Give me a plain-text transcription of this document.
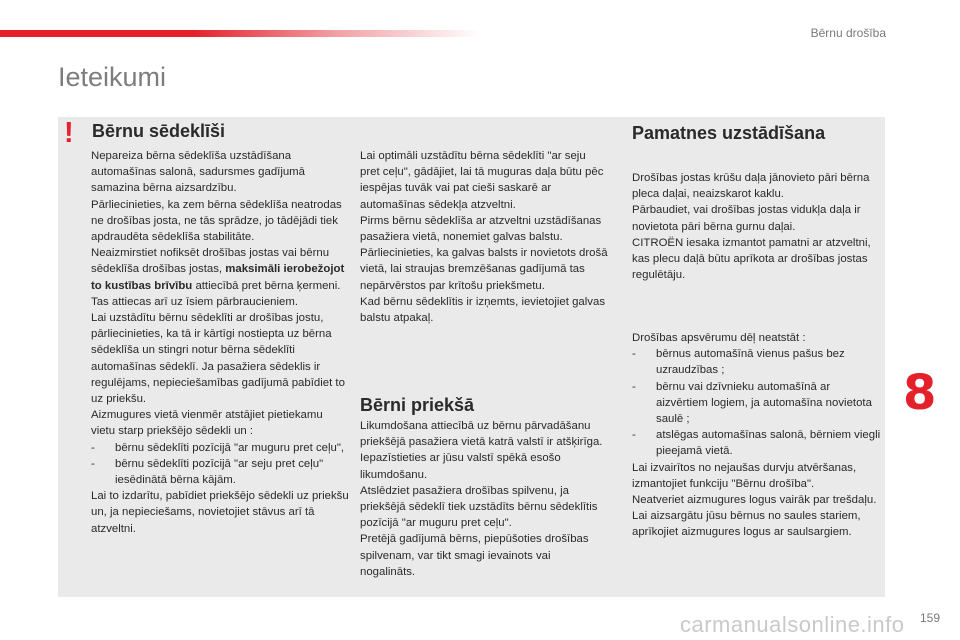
Bērnu drošība
Ieteikumi
! Bērnu sēdeklīši

Nepareiza bērna sēdeklīša uzstādīšana automašīnas salonā, sadursmes gadījumā samazina bērna aizsardzību.

Pārliecinieties, ka zem bērna sēdeklīša neatrodas ne drošības josta, ne tās sprādze, jo tādējādi tiek apdraudēta sēdeklīša stabilitāte.

Neaizmirstiet nofiksēt drošības jostas vai bērnu sēdeklīša drošības jostas, maksimāli ierobežojot to kustības brīvību attiecībā pret bērna ķermeni. Tas attiecas arī uz īsiem pārbraucieniem.

Lai uzstādītu bērnu sēdeklīti ar drošības jostu, pārliecinieties, ka tā ir kārtīgi nostiepta uz bērna sēdeklīša un stingri notur bērna sēdeklīti automašīnas sēdeklī. Ja pasažiera sēdeklis ir regulējams, nepieciešamības gadījumā pabīdiet to uz priekšu.

Aizmugures vietā vienmēr atstājiet pietiekamu vietu starp priekšējo sēdekli un :

- bērnu sēdeklīti pozīcijā "ar muguru pret ceļu",
- bērnu sēdeklīti pozīcijā "ar seju pret ceļu" iesēdinātā bērna kājām.

Lai to izdarītu, pabīdiet priekšējo sēdekli uz priekšu un, ja nepieciešams, novietojiet stāvus arī tā atzveltni.

Lai optimāli uzstādītu bērna sēdeklīti "ar seju pret ceļu", gādājiet, lai tā muguras daļa būtu pēc iespējas tuvāk vai pat cieši saskarē ar automašīnas sēdekļa atzveltni.

Pirms bērnu sēdeklīša ar atzveltni uzstādīšanas pasažiera vietā, nonemiet galvas balstu.

Pārliecinieties, ka galvas balsts ir novietots drošā vietā, lai straujas bremzēšanas gadījumā tas nepārvērstos par krītošu priekšmetu.

Kad bērnu sēdeklītis ir izņemts, ievietojiet galvas balstu atpakaļ.

Bērni priekšā

Likumdošana attiecībā uz bērnu pārvadāšanu priekšējā pasažiera vietā katrā valstī ir atšķirīga. Iepazīstieties ar jūsu valstī spēkā esošo likumdošanu.

Atslēdziet pasažiera drošības spilvenu, ja priekšējā sēdeklī tiek uzstādīts bērnu sēdeklītis pozīcijā "ar muguru pret ceļu".

Pretējā gadījumā bērns, piepūšoties drošības spilvenam, var tikt smagi ievainots vai nogalināts.

Pamatnes uzstādīšana

Drošības jostas krūšu daļa jānovieto pāri bērna pleca daļai, neaizskarot kaklu.

Pārbaudiet, vai drošības jostas vidukļa daļa ir novietota pāri bērna gurnu daļai.

CITROËN iesaka izmantot pamatni ar atzveltni, kas plecu daļā būtu aprīkota ar drošības jostas regulētāju.

Drošības apsvērumu dēļ neatstāt :

- bērnus automašīnā vienus pašus bez uzraudzības ;
- bērnu vai dzīvnieku automašīnā ar aizvērtiem logiem, ja automašīna novietota saulē ;
- atslēgas automašīnas salonā, bērniem viegli pieejamā vietā.

Lai izvairītos no nejaušas durvju atvēršanas, izmantojiet funkciju "Bērnu drošība".

Neatveriet aizmugures logus vairāk par trešdaļu.

Lai aizsargātu jūsu bērnus no saules stariem, aprīkojiet aizmugures logus ar saulsargiem.

8
carmanualsonline.info 159
